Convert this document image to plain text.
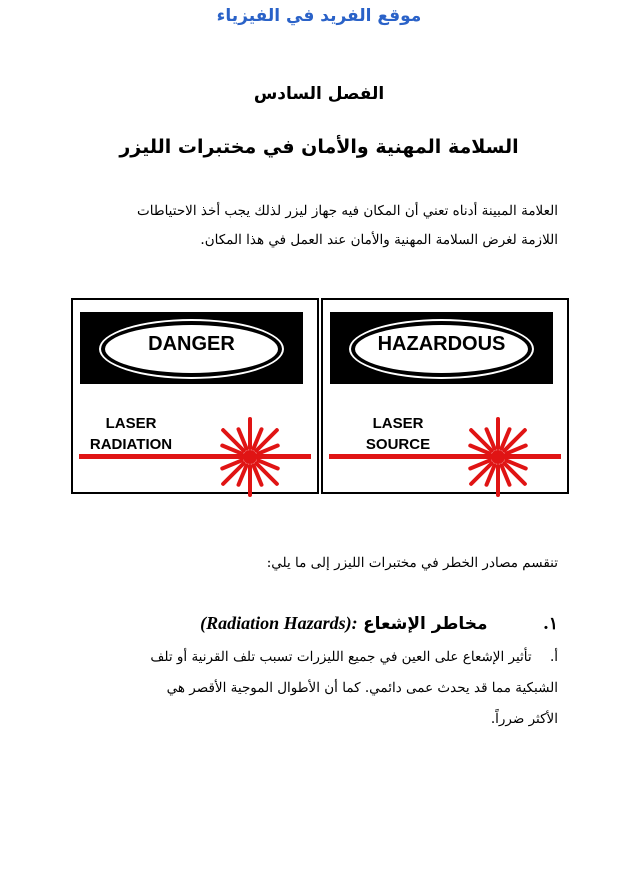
موقع الفريد في الفيزياء
الفصل السادس
السلامة المهنية والأمان في مختبرات الليزر
العلامة المبينة أدناه تعني أن المكان فيه جهاز ليزر لذلك يجب أخذ الاحتياطات
اللازمة لغرض السلامة المهنية والأمان عند العمل في هذا المكان.
HAZARDOUS
LASER
SOURCE
DANGER
LASER
RADIATION
تنقسم مصادر الخطر في مختبرات الليزر إلى ما يلي:
١. مخاطر الإشعاع (Radiation Hazards):
أ. تأثير الإشعاع على العين في جميع الليزرات تسبب تلف القرنية أو تلف
الشبكية مما قد يحدث عمى دائمي. كما أن الأطوال الموجية الأقصر هي
الأكثر ضرراً.
